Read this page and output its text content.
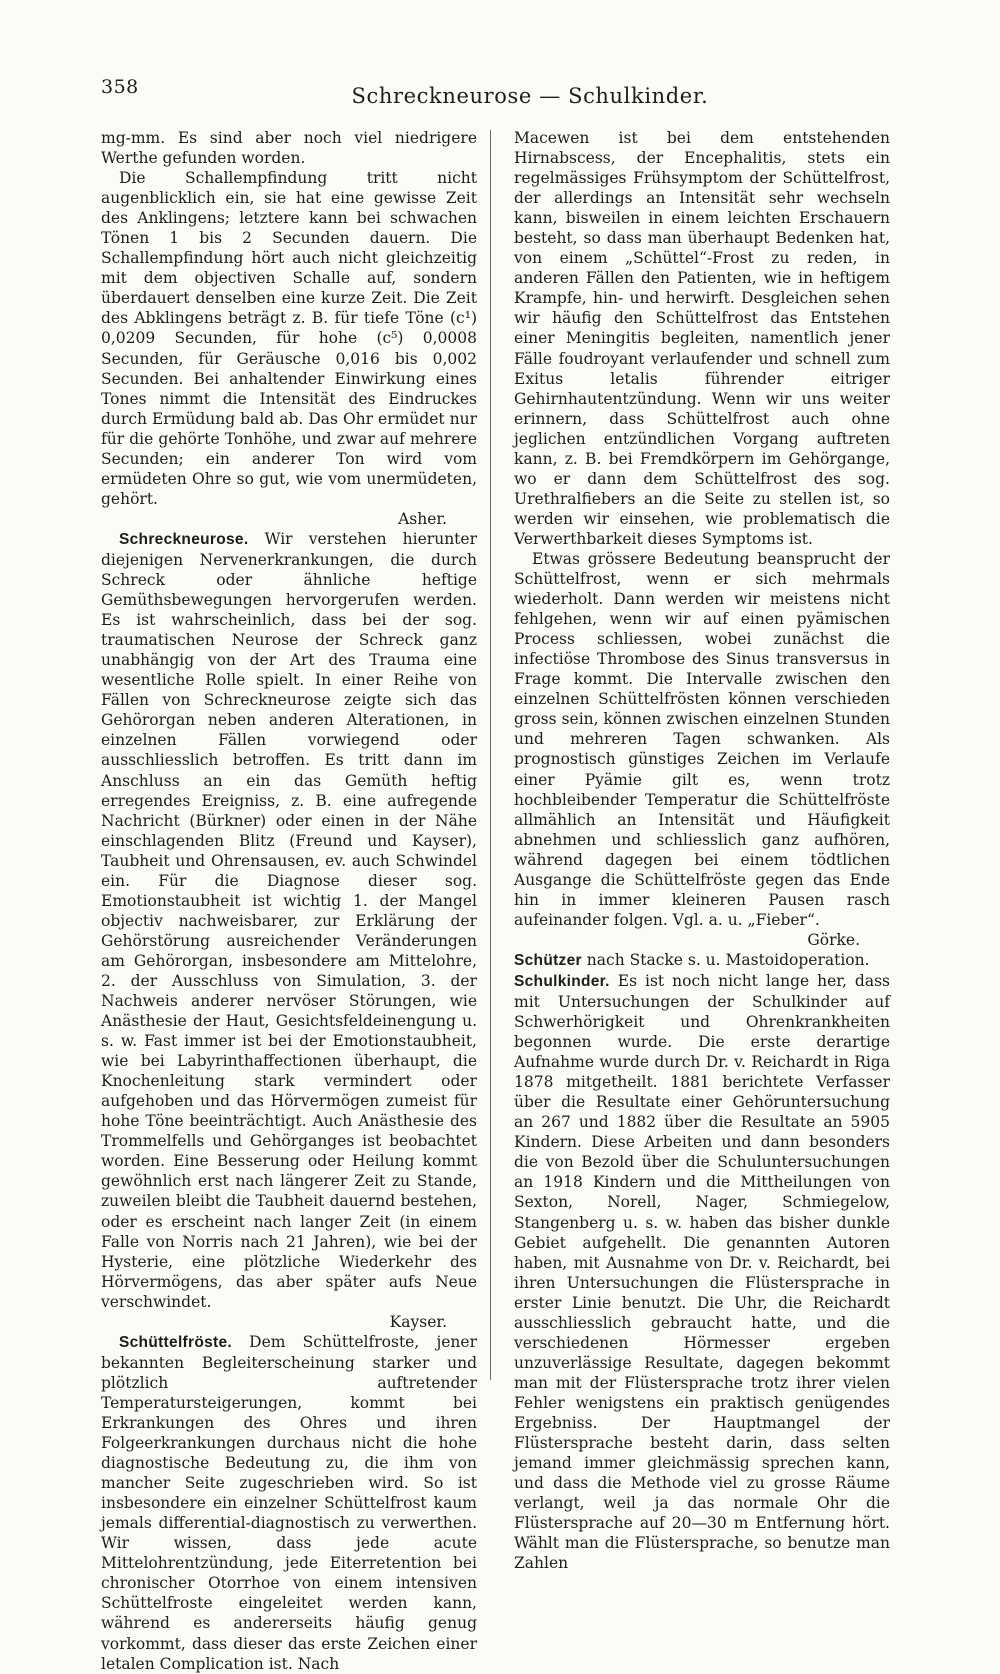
358	Schreckneurose — Schulkinder.

mg-mm. Es sind aber noch viel niedrigere Werthe gefunden worden.

Die Schallempfindung tritt nicht augenblicklich ein, sie hat eine gewisse Zeit des Anklingens; letztere kann bei schwachen Tönen 1 bis 2 Secunden dauern. Die Schallempfindung hört auch nicht gleichzeitig mit dem objectiven Schalle auf, sondern überdauert denselben eine kurze Zeit. Die Zeit des Abklingens beträgt z. B. für tiefe Töne (c¹) 0,0209 Secunden, für hohe (c⁵) 0,0008 Secunden, für Geräusche 0,016 bis 0,002 Secunden. Bei anhaltender Einwirkung eines Tones nimmt die Intensität des Eindruckes durch Ermüdung bald ab. Das Ohr ermüdet nur für die gehörte Tonhöhe, und zwar auf mehrere Secunden; ein anderer Ton wird vom ermüdeten Ohre so gut, wie vom unermüdeten, gehört.

Asher.

Schreckneurose. Wir verstehen hierunter diejenigen Nervenerkrankungen, die durch Schreck oder ähnliche heftige Gemüthsbewegungen hervorgerufen werden. Es ist wahrscheinlich, dass bei der sog. traumatischen Neurose der Schreck ganz unabhängig von der Art des Trauma eine wesentliche Rolle spielt. In einer Reihe von Fällen von Schreckneurose zeigte sich das Gehörorgan neben anderen Alterationen, in einzelnen Fällen vorwiegend oder ausschliesslich betroffen. Es tritt dann im Anschluss an ein das Gemüth heftig erregendes Ereigniss, z. B. eine aufregende Nachricht (Bürkner) oder einen in der Nähe einschlagenden Blitz (Freund und Kayser), Taubheit und Ohrensausen, ev. auch Schwindel ein. Für die Diagnose dieser sog. Emotionstaubheit ist wichtig 1. der Mangel objectiv nachweisbarer, zur Erklärung der Gehörstörung ausreichender Veränderungen am Gehörorgan, insbesondere am Mittelohre, 2. der Ausschluss von Simulation, 3. der Nachweis anderer nervöser Störungen, wie Anästhesie der Haut, Gesichtsfeldeinengung u. s. w. Fast immer ist bei der Emotionstaubheit, wie bei Labyrinthaffectionen überhaupt, die Knochenleitung stark vermindert oder aufgehoben und das Hörvermögen zumeist für hohe Töne beeinträchtigt. Auch Anästhesie des Trommelfells und Gehörganges ist beobachtet worden. Eine Besserung oder Heilung kommt gewöhnlich erst nach längerer Zeit zu Stande, zuweilen bleibt die Taubheit dauernd bestehen, oder es erscheint nach langer Zeit (in einem Falle von Norris nach 21 Jahren), wie bei der Hysterie, eine plötzliche Wiederkehr des Hörvermögens, das aber später aufs Neue verschwindet.

Kayser.

Schüttelfröste. Dem Schüttelfroste, jener bekannten Begleiterscheinung starker und plötzlich auftretender Temperatursteigerungen, kommt bei Erkrankungen des Ohres und ihren Folgeerkrankungen durchaus nicht die hohe diagnostische Bedeutung zu, die ihm von mancher Seite zugeschrieben wird. So ist insbesondere ein einzelner Schüttelfrost kaum jemals differential-diagnostisch zu verwerthen. Wir wissen, dass jede acute Mittelohrentzündung, jede Eiterretention bei chronischer Otorrhoe von einem intensiven Schüttelfroste eingeleitet werden kann, während es andererseits häufig genug vorkommt, dass dieser das erste Zeichen einer letalen Complication ist. Nach

Macewen ist bei dem entstehenden Hirnabscess, der Encephalitis, stets ein regelmässiges Frühsymptom der Schüttelfrost, der allerdings an Intensität sehr wechseln kann, bisweilen in einem leichten Erschauern besteht, so dass man überhaupt Bedenken hat, von einem „Schüttel“-Frost zu reden, in anderen Fällen den Patienten, wie in heftigem Krampfe, hin- und herwirft. Desgleichen sehen wir häufig den Schüttelfrost das Entstehen einer Meningitis begleiten, namentlich jener Fälle foudroyant verlaufender und schnell zum Exitus letalis führender eitriger Gehirnhautentzündung. Wenn wir uns weiter erinnern, dass Schüttelfrost auch ohne jeglichen entzündlichen Vorgang auftreten kann, z. B. bei Fremdkörpern im Gehörgange, wo er dann dem Schüttelfrost des sog. Urethralfiebers an die Seite zu stellen ist, so werden wir einsehen, wie problematisch die Verwerthbarkeit dieses Symptoms ist.

Etwas grössere Bedeutung beansprucht der Schüttelfrost, wenn er sich mehrmals wiederholt. Dann werden wir meistens nicht fehlgehen, wenn wir auf einen pyämischen Process schliessen, wobei zunächst die infectiöse Thrombose des Sinus transversus in Frage kommt. Die Intervalle zwischen den einzelnen Schüttelfrösten können verschieden gross sein, können zwischen einzelnen Stunden und mehreren Tagen schwanken. Als prognostisch günstiges Zeichen im Verlaufe einer Pyämie gilt es, wenn trotz hochbleibender Temperatur die Schüttelfröste allmählich an Intensität und Häufigkeit abnehmen und schliesslich ganz aufhören, während dagegen bei einem tödtlichen Ausgange die Schüttelfröste gegen das Ende hin in immer kleineren Pausen rasch aufeinander folgen. Vgl. a. u. „Fieber“.

Görke.

Schützer nach Stacke s. u. Mastoidoperation.

Schulkinder. Es ist noch nicht lange her, dass mit Untersuchungen der Schulkinder auf Schwerhörigkeit und Ohrenkrankheiten begonnen wurde. Die erste derartige Aufnahme wurde durch Dr. v. Reichardt in Riga 1878 mitgetheilt. 1881 berichtete Verfasser über die Resultate einer Gehöruntersuchung an 267 und 1882 über die Resultate an 5905 Kindern. Diese Arbeiten und dann besonders die von Bezold über die Schuluntersuchungen an 1918 Kindern und die Mittheilungen von Sexton, Norell, Nager, Schmiegelow, Stangenberg u. s. w. haben das bisher dunkle Gebiet aufgehellt. Die genannten Autoren haben, mit Ausnahme von Dr. v. Reichardt, bei ihren Untersuchungen die Flüstersprache in erster Linie benutzt. Die Uhr, die Reichardt ausschliesslich gebraucht hatte, und die verschiedenen Hörmesser ergeben unzuverlässige Resultate, dagegen bekommt man mit der Flüstersprache trotz ihrer vielen Fehler wenigstens ein praktisch genügendes Ergebniss. Der Hauptmangel der Flüstersprache besteht darin, dass selten jemand immer gleichmässig sprechen kann, und dass die Methode viel zu grosse Räume verlangt, weil ja das normale Ohr die Flüstersprache auf 20—30 m Entfernung hört. Wählt man die Flüstersprache, so benutze man Zahlen
